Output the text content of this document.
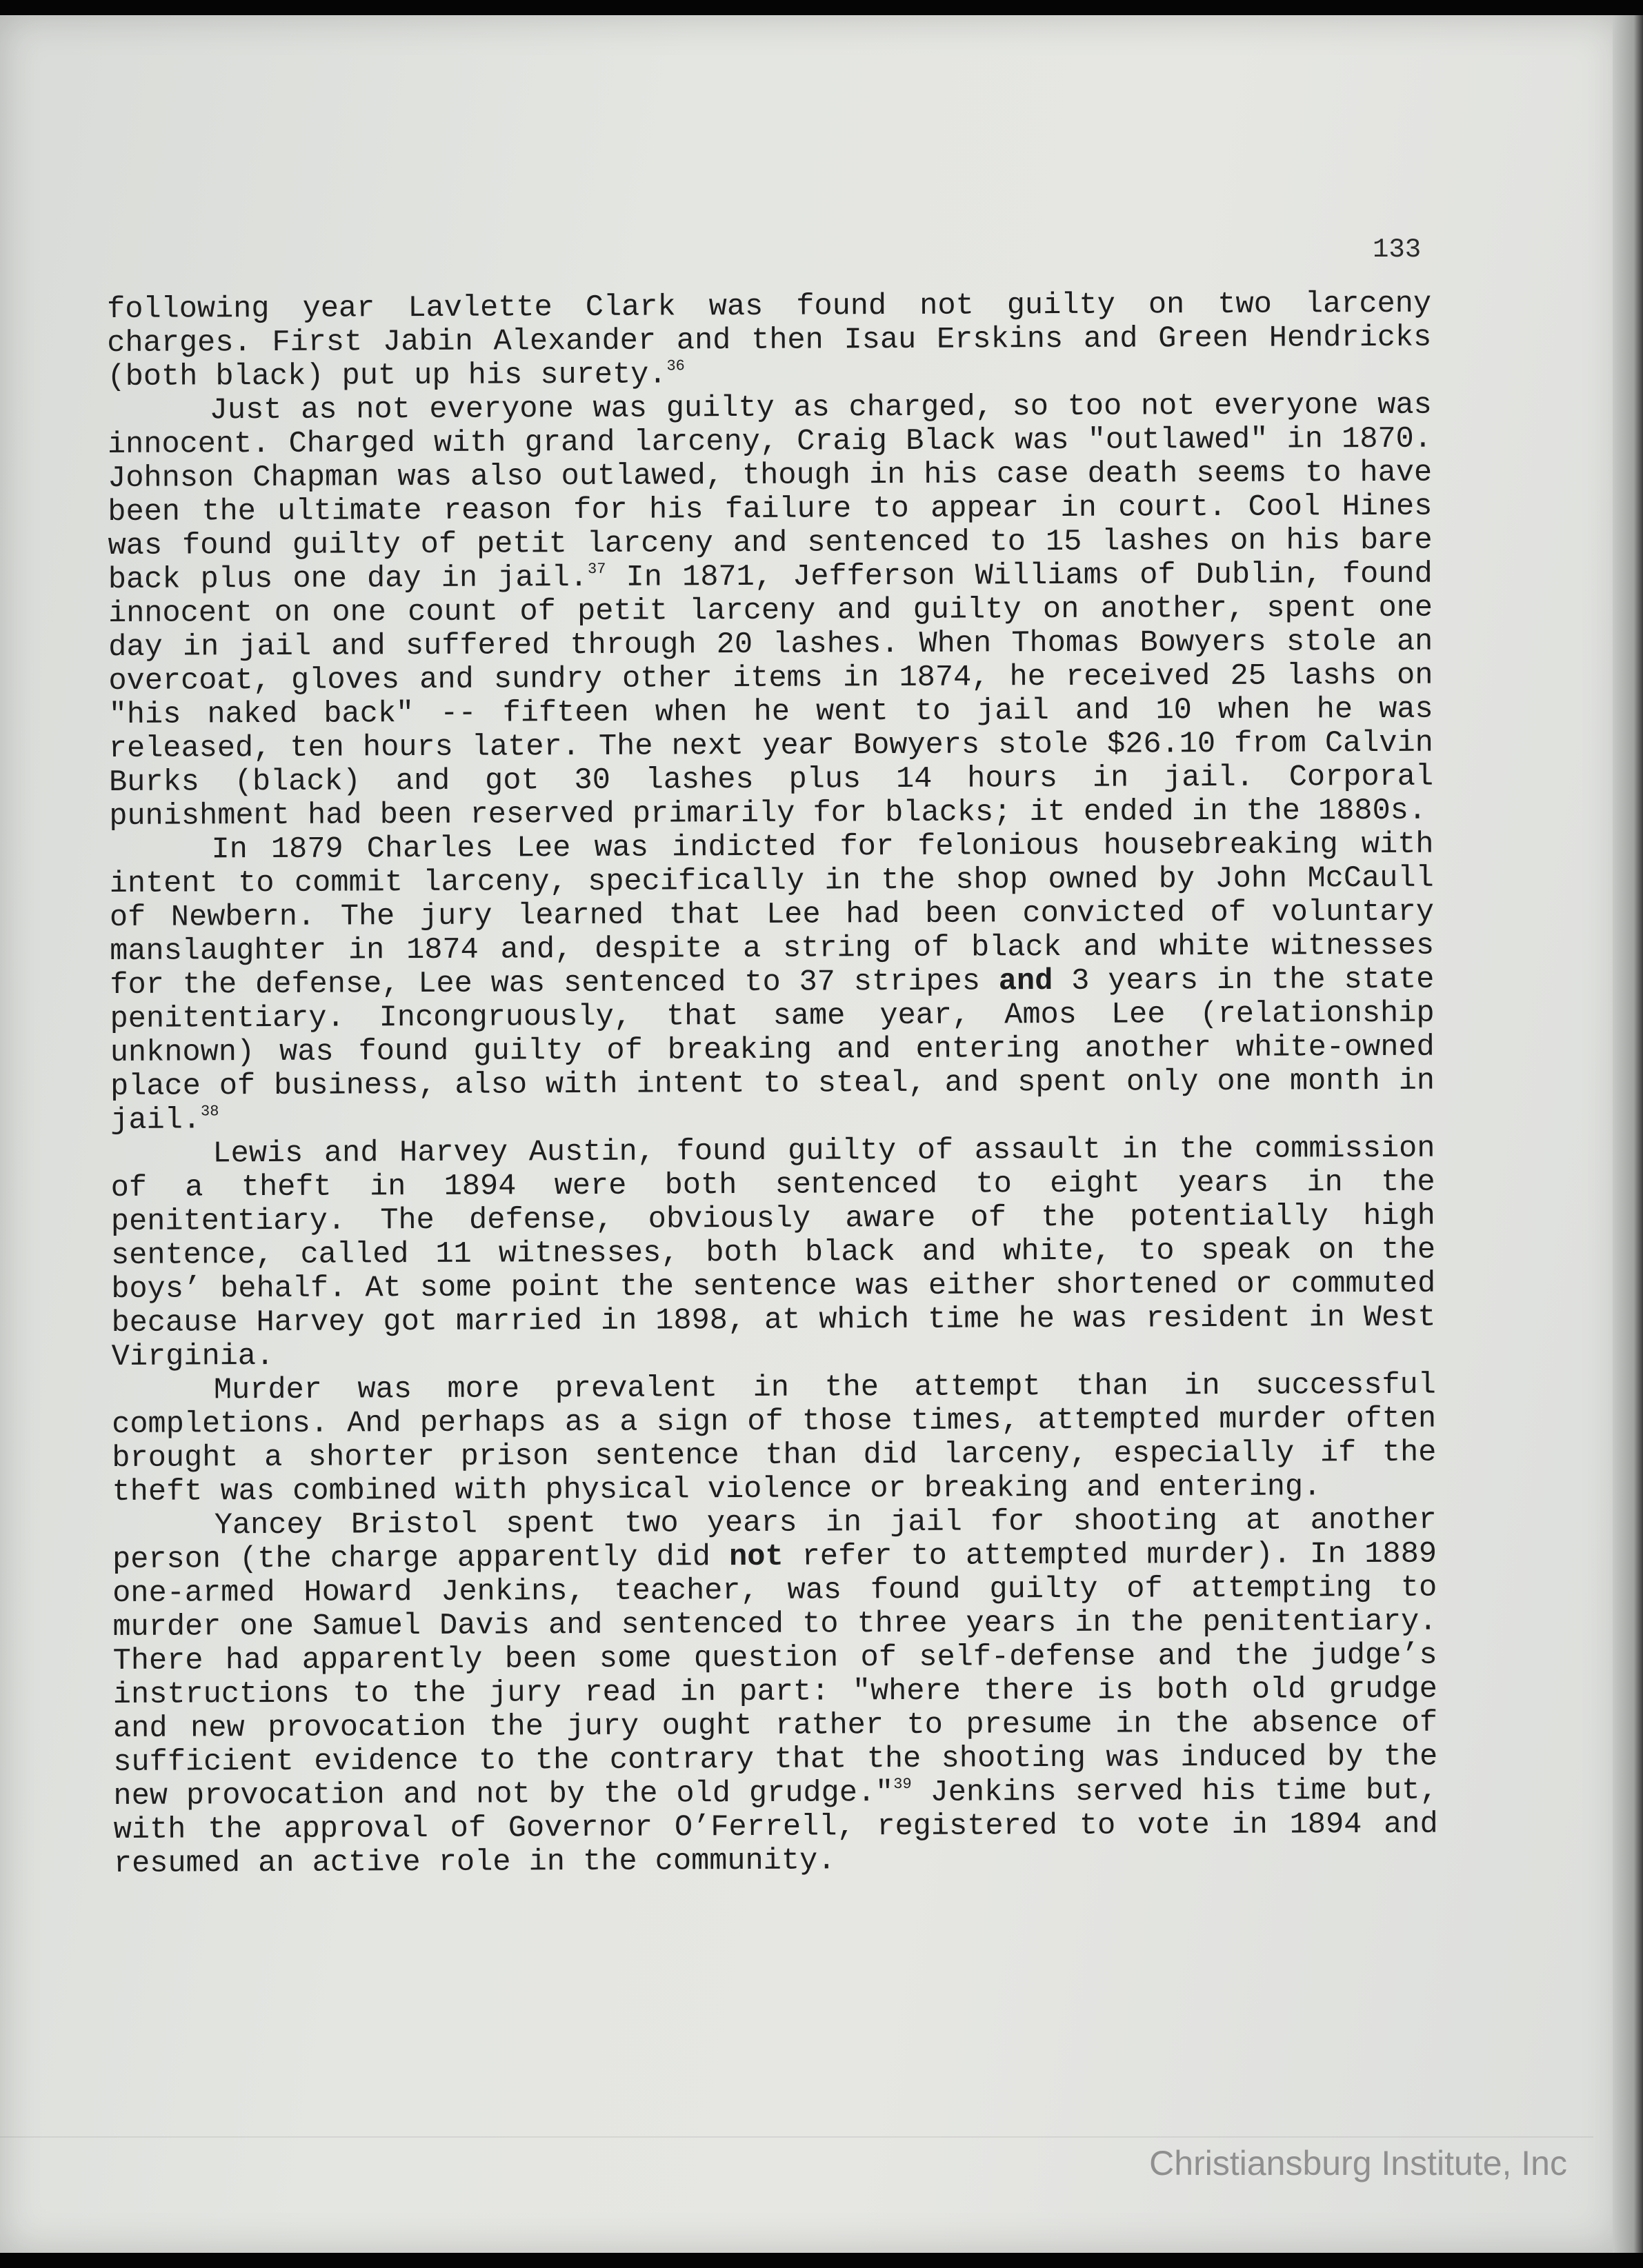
133

following year Lavlette Clark was found not guilty on two larceny charges. First Jabin Alexander and then Isau Erskins and Green Hendricks (both black) put up his surety.$^{36}$

Just as not everyone was guilty as charged, so too not everyone was innocent. Charged with grand larceny, Craig Black was "outlawed" in 1870. Johnson Chapman was also outlawed, though in his case death seems to have been the ultimate reason for his failure to appear in court. Cool Hines was found guilty of petit larceny and sentenced to 15 lashes on his bare back plus one day in jail.$^{37}$ In 1871, Jefferson Williams of Dublin, found innocent on one count of petit larceny and guilty on another, spent one day in jail and suffered through 20 lashes. When Thomas Bowyers stole an overcoat, gloves and sundry other items in 1874, he received 25 lashs on "his naked back" -- fifteen when he went to jail and 10 when he was released, ten hours later. The next year Bowyers stole $26.10 from Calvin Burks (black) and got 30 lashes plus 14 hours in jail. Corporal punishment had been reserved primarily for blacks; it ended in the 1880s.

In 1879 Charles Lee was indicted for felonious housebreaking with intent to commit larceny, specifically in the shop owned by John McCaull of Newbern. The jury learned that Lee had been convicted of voluntary manslaughter in 1874 and, despite a string of black and white witnesses for the defense, Lee was sentenced to 37 stripes and 3 years in the state penitentiary. Incongruously, that same year, Amos Lee (relationship unknown) was found guilty of breaking and entering another white-owned place of business, also with intent to steal, and spent only one month in jail.$^{38}$

Lewis and Harvey Austin, found guilty of assault in the commission of a theft in 1894 were both sentenced to eight years in the penitentiary. The defense, obviously aware of the potentially high sentence, called 11 witnesses, both black and white, to speak on the boys’ behalf. At some point the sentence was either shortened or commuted because Harvey got married in 1898, at which time he was resident in West Virginia.

Murder was more prevalent in the attempt than in successful completions. And perhaps as a sign of those times, attempted murder often brought a shorter prison sentence than did larceny, especially if the theft was combined with physical violence or breaking and entering.

Yancey Bristol spent two years in jail for shooting at another person (the charge apparently did not refer to attempted murder). In 1889 one-armed Howard Jenkins, teacher, was found guilty of attempting to murder one Samuel Davis and sentenced to three years in the penitentiary. There had apparently been some question of self-defense and the judge’s instructions to the jury read in part: "where there is both old grudge and new provocation the jury ought rather to presume in the absence of sufficient evidence to the contrary that the shooting was induced by the new provocation and not by the old grudge."$^{39}$ Jenkins served his time but, with the approval of Governor O’Ferrell, registered to vote in 1894 and resumed an active role in the community.

Christiansburg Institute, Inc
